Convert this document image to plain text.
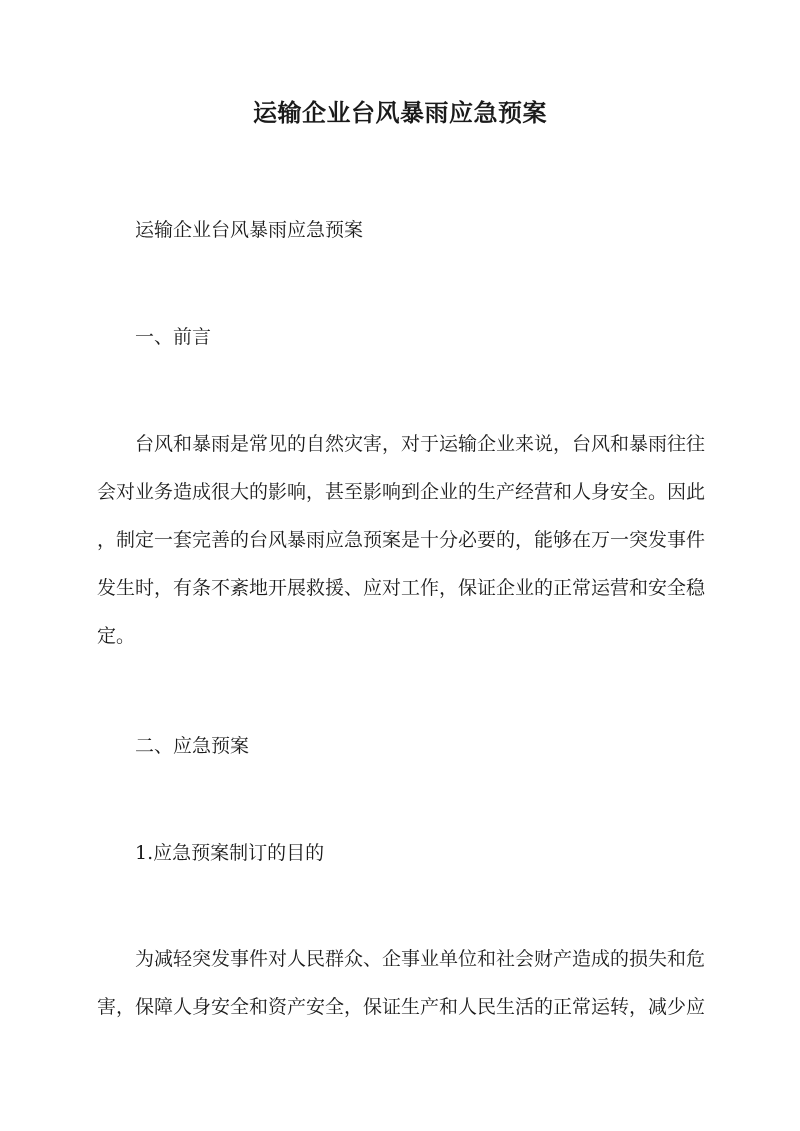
运输企业台风暴雨应急预案
运输企业台风暴雨应急预案
一、前言
台风和暴雨是常见的自然灾害，对于运输企业来说，台风和暴雨往往
会对业务造成很大的影响，甚至影响到企业的生产经营和人身安全。因此
，制定一套完善的台风暴雨应急预案是十分必要的，能够在万一突发事件
发生时，有条不紊地开展救援、应对工作，保证企业的正常运营和安全稳
定。
二、应急预案
1.应急预案制订的目的
为减轻突发事件对人民群众、企事业单位和社会财产造成的损失和危
害，保障人身安全和资产安全，保证生产和人民生活的正常运转，减少应
